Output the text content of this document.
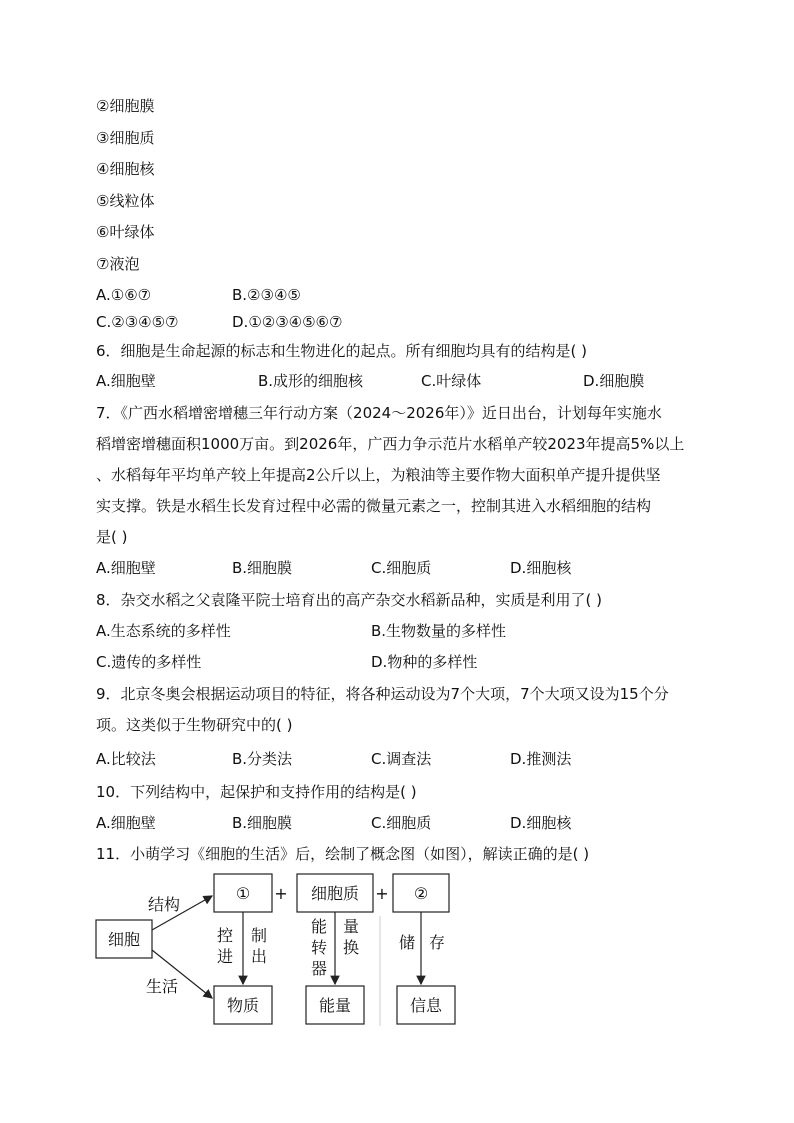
②细胞膜
③细胞质
④细胞核
⑤线粒体
⑥叶绿体
⑦液泡
A.①⑥⑦	B.②③④⑤
C.②③④⑤⑦	D.①②③④⑤⑥⑦
6．细胞是生命起源的标志和生物进化的起点。所有细胞均具有的结构是( )
A.细胞壁	B.成形的细胞核	C.叶绿体	D.细胞膜
7．《广西水稻增密增穗三年行动方案（2024～2026年）》近日出台，计划每年实施水
稻增密增穗面积1000万亩。到2026年，广西力争示范片水稻单产较2023年提高5%以上
、水稻每年平均单产较上年提高2公斤以上，为粮油等主要作物大面积单产提升提供坚
实支撑。铁是水稻生长发育过程中必需的微量元素之一，控制其进入水稻细胞的结构
是( )
A.细胞壁	B.细胞膜	C.细胞质	D.细胞核
8．杂交水稻之父袁隆平院士培育出的高产杂交水稻新品种，实质是利用了( )
A.生态系统的多样性	B.生物数量的多样性
C.遗传的多样性	D.物种的多样性
9．北京冬奥会根据运动项目的特征，将各种运动设为7个大项，7个大项又设为15个分
项。这类似于生物研究中的( )
A.比较法	B.分类法	C.调查法	D.推测法
10．下列结构中，起保护和支持作用的结构是( )
A.细胞壁	B.细胞膜	C.细胞质	D.细胞核
11．小萌学习《细胞的生活》后，绘制了概念图（如图），解读正确的是( )
细胞
① + 细胞质 + ②
物质	能量	信息
结构
生活
控
进
制
出
能
转
器
量
换 储 存
